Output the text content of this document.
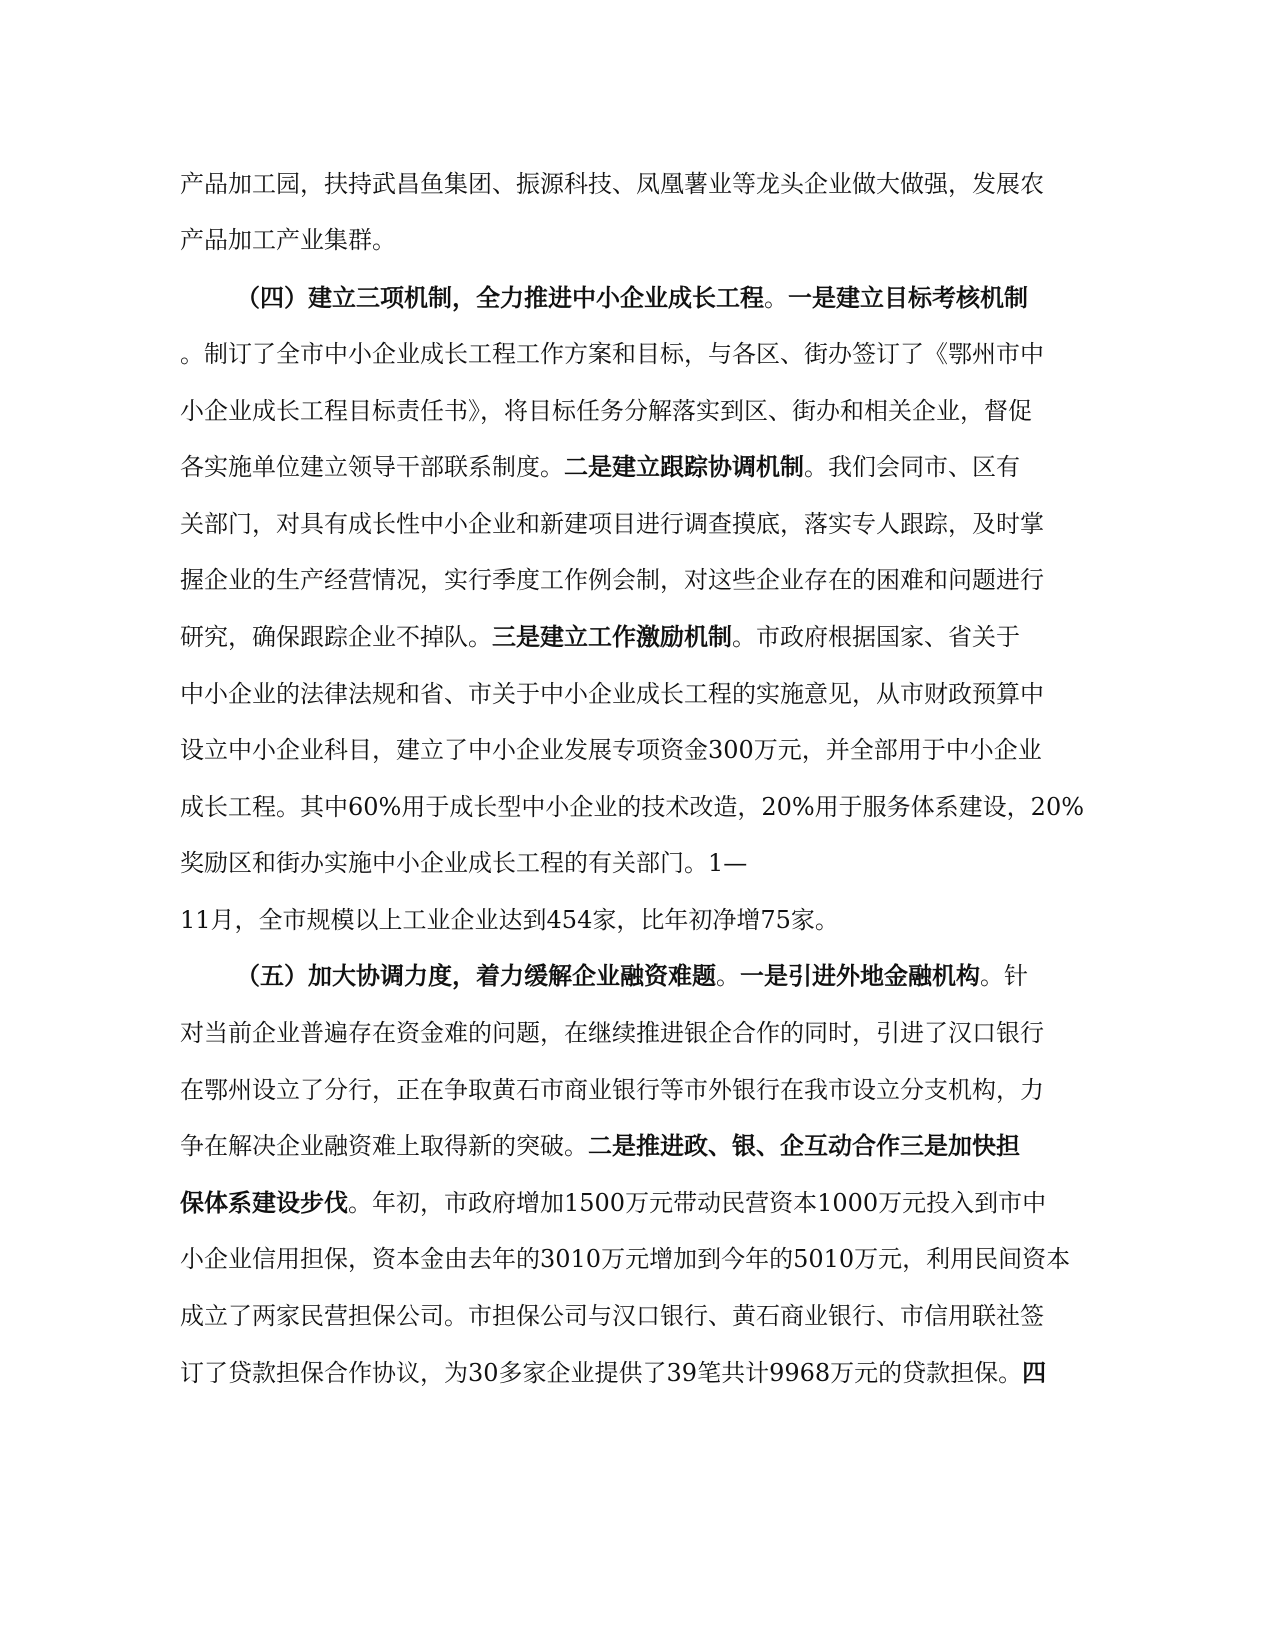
产品加工园，扶持武昌鱼集团、振源科技、凤凰薯业等龙头企业做大做强，发展农
产品加工产业集群。
（四）建立三项机制，全力推进中小企业成长工程。一是建立目标考核机制
。制订了全市中小企业成长工程工作方案和目标，与各区、街办签订了《鄂州市中
小企业成长工程目标责任书》，将目标任务分解落实到区、街办和相关企业，督促
各实施单位建立领导干部联系制度。二是建立跟踪协调机制。我们会同市、区有
关部门，对具有成长性中小企业和新建项目进行调查摸底，落实专人跟踪，及时掌
握企业的生产经营情况，实行季度工作例会制，对这些企业存在的困难和问题进行
研究，确保跟踪企业不掉队。三是建立工作激励机制。市政府根据国家、省关于
中小企业的法律法规和省、市关于中小企业成长工程的实施意见，从市财政预算中
设立中小企业科目，建立了中小企业发展专项资金300万元，并全部用于中小企业
成长工程。其中60%用于成长型中小企业的技术改造，20%用于服务体系建设，20%
奖励区和街办实施中小企业成长工程的有关部门。1—
11月，全市规模以上工业企业达到454家，比年初净增75家。
（五）加大协调力度，着力缓解企业融资难题。一是引进外地金融机构。针
对当前企业普遍存在资金难的问题，在继续推进银企合作的同时，引进了汉口银行
在鄂州设立了分行，正在争取黄石市商业银行等市外银行在我市设立分支机构，力
争在解决企业融资难上取得新的突破。二是推进政、银、企互动合作三是加快担
保体系建设步伐。年初，市政府增加1500万元带动民营资本1000万元投入到市中
小企业信用担保，资本金由去年的3010万元增加到今年的5010万元，利用民间资本
成立了两家民营担保公司。市担保公司与汉口银行、黄石商业银行、市信用联社签
订了贷款担保合作协议，为30多家企业提供了39笔共计9968万元的贷款担保。四
